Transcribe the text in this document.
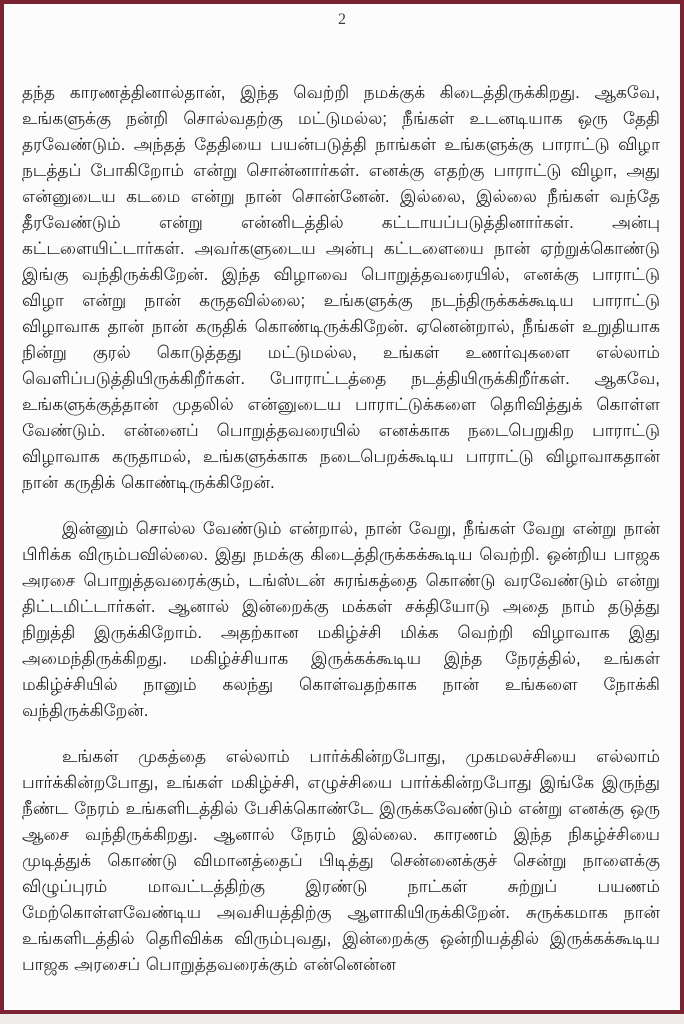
2

தந்த காரணத்தினால்தான், இந்த வெற்றி நமக்குக் கிடைத்திருக்கிறது. ஆகவே, உங்களுக்கு நன்றி சொல்வதற்கு மட்டுமல்ல; நீங்கள் உடனடியாக ஒரு தேதி தரவேண்டும். அந்தத் தேதியை பயன்படுத்தி நாங்கள் உங்களுக்கு பாராட்டு விழா நடத்தப் போகிறோம் என்று சொன்னார்கள். எனக்கு எதற்கு பாராட்டு விழா, அது என்னுடைய கடமை என்று நான் சொன்னேன். இல்லை, இல்லை நீங்கள் வந்தே தீரவேண்டும் என்று என்னிடத்தில் கட்டாயப்படுத்தினார்கள். அன்பு கட்டளையிட்டார்கள். அவர்களுடைய அன்பு கட்டளையை நான் ஏற்றுக்கொண்டு இங்கு வந்திருக்கிறேன். இந்த விழாவை பொறுத்தவரையில், எனக்கு பாராட்டு விழா என்று நான் கருதவில்லை; உங்களுக்கு நடந்திருக்கக்கூடிய பாராட்டு விழாவாக தான் நான் கருதிக் கொண்டிருக்கிறேன். ஏனென்றால், நீங்கள் உறுதியாக நின்று குரல் கொடுத்தது மட்டுமல்ல, உங்கள் உணர்வுகளை எல்லாம் வெளிப்படுத்தியிருக்கிறீர்கள். போராட்டத்தை நடத்தியிருக்கிறீர்கள். ஆகவே, உங்களுக்குத்தான் முதலில் என்னுடைய பாராட்டுக்களை தெரிவித்துக் கொள்ள வேண்டும். என்னைப் பொறுத்தவரையில் எனக்காக நடைபெறுகிற பாராட்டு விழாவாக கருதாமல், உங்களுக்காக நடைபெறக்கூடிய பாராட்டு விழாவாகதான் நான் கருதிக் கொண்டிருக்கிறேன்.

இன்னும் சொல்ல வேண்டும் என்றால், நான் வேறு, நீங்கள் வேறு என்று நான் பிரிக்க விரும்பவில்லை. இது நமக்கு கிடைத்திருக்கக்கூடிய வெற்றி. ஒன்றிய பாஜக அரசை பொறுத்தவரைக்கும், டங்ஸ்டன் சுரங்கத்தை கொண்டு வரவேண்டும் என்று திட்டமிட்டார்கள். ஆனால் இன்றைக்கு மக்கள் சக்தியோடு அதை நாம் தடுத்து நிறுத்தி இருக்கிறோம். அதற்கான மகிழ்ச்சி மிக்க வெற்றி விழாவாக இது அமைந்திருக்கிறது. மகிழ்ச்சியாக இருக்கக்கூடிய இந்த நேரத்தில், உங்கள் மகிழ்ச்சியில் நானும் கலந்து கொள்வதற்காக நான் உங்களை நோக்கி வந்திருக்கிறேன்.

உங்கள் முகத்தை எல்லாம் பார்க்கின்றபோது, முகமலச்சியை எல்லாம் பார்க்கின்றபோது, உங்கள் மகிழ்ச்சி, எழுச்சியை பார்க்கின்றபோது இங்கே இருந்து நீண்ட நேரம் உங்களிடத்தில் பேசிக்கொண்டே இருக்கவேண்டும் என்று எனக்கு ஒரு ஆசை வந்திருக்கிறது. ஆனால் நேரம் இல்லை. காரணம் இந்த நிகழ்ச்சியை முடித்துக் கொண்டு விமானத்தைப் பிடித்து சென்னைக்குச் சென்று நாளைக்கு விழுப்புரம் மாவட்டத்திற்கு இரண்டு நாட்கள் சுற்றுப் பயணம் மேற்கொள்ளவேண்டிய அவசியத்திற்கு ஆளாகியிருக்கிறேன். சுருக்கமாக நான் உங்களிடத்தில் தெரிவிக்க விரும்புவது, இன்றைக்கு ஒன்றியத்தில் இருக்கக்கூடிய பாஜக அரசைப் பொறுத்தவரைக்கும் என்னென்ன
